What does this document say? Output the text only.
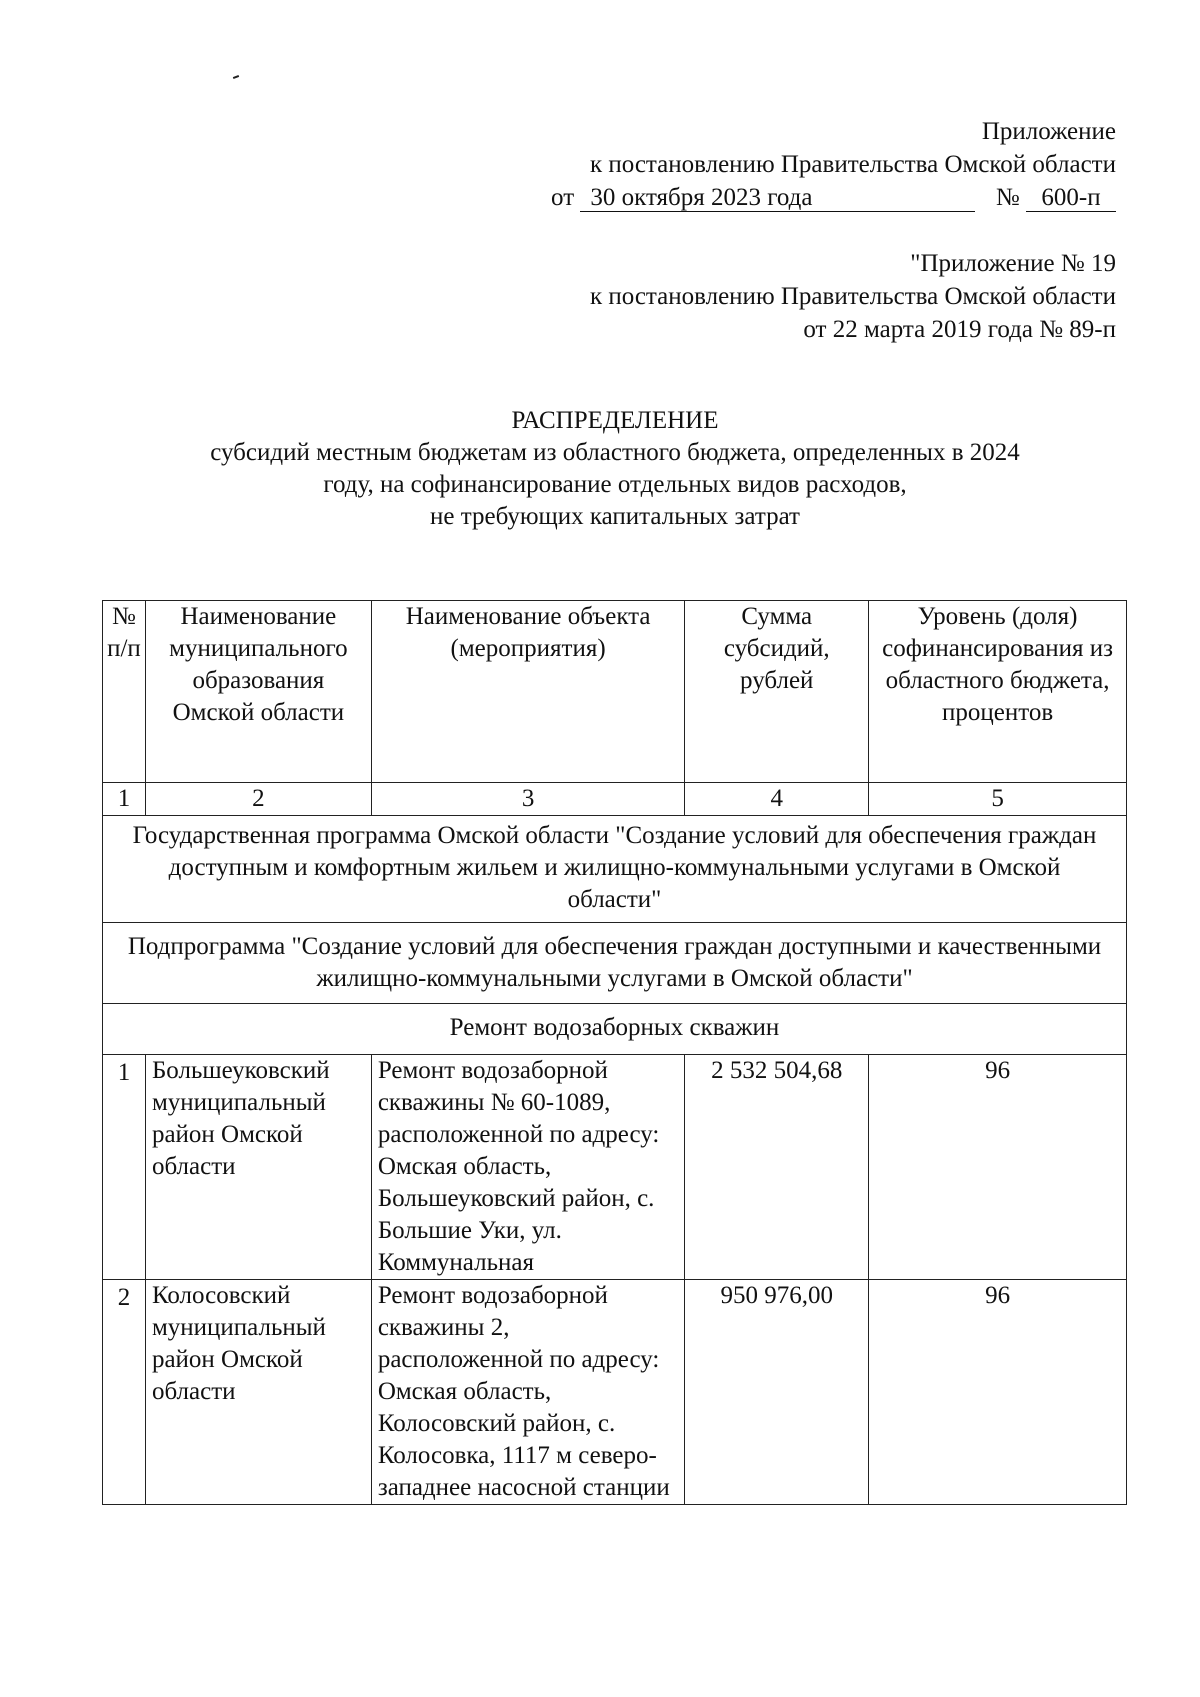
Приложение
к постановлению Правительства Омской области
от 30 октября 2023 года	№ 600-п
"Приложение № 19
к постановлению Правительства Омской области
от 22 марта 2019 года № 89-п
РАСПРЕДЕЛЕНИЕ
субсидий местным бюджетам из областного бюджета, определенных в 2024
году, на софинансирование отдельных видов расходов,
не требующих капитальных затрат
№ п/п	Наименование муниципального образования Омской области	Наименование объекта (мероприятия)	Сумма субсидий, рублей	Уровень (доля) софинансирования из областного бюджета, процентов
1	2	3	4	5
Государственная программа Омской области "Создание условий для обеспечения граждан доступным и комфортным жильем и жилищно-коммунальными услугами в Омской области"				
Подпрограмма "Создание условий для обеспечения граждан доступными и качественными жилищно-коммунальными услугами в Омской области"				
Ремонт водозаборных скважин				
1	Большеуковский муниципальный район Омской области	Ремонт водозаборной скважины № 60-1089, расположенной по адресу: Омская область, Большеуковский район, с. Большие Уки, ул. Коммунальная	2 532 504,68	96
2	Колосовский муниципальный район Омской области	Ремонт водозаборной скважины 2, расположенной по адресу: Омская область, Колосовский район, с. Колосовка, 1117 м северо-западнее насосной станции	950 976,00	96
